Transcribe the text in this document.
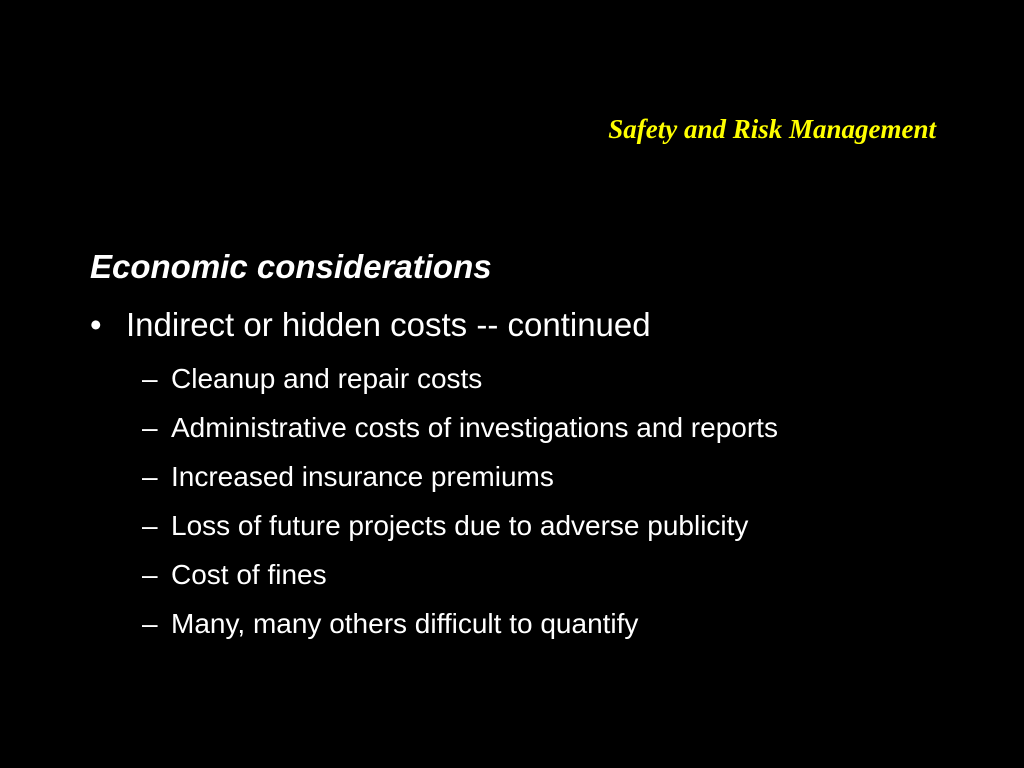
Safety and Risk Management
Economic considerations
• Indirect or hidden costs -- continued
– Cleanup and repair costs
– Administrative costs of investigations and reports
– Increased insurance premiums
– Loss of future projects due to adverse publicity
– Cost of fines
– Many, many others difficult to quantify
